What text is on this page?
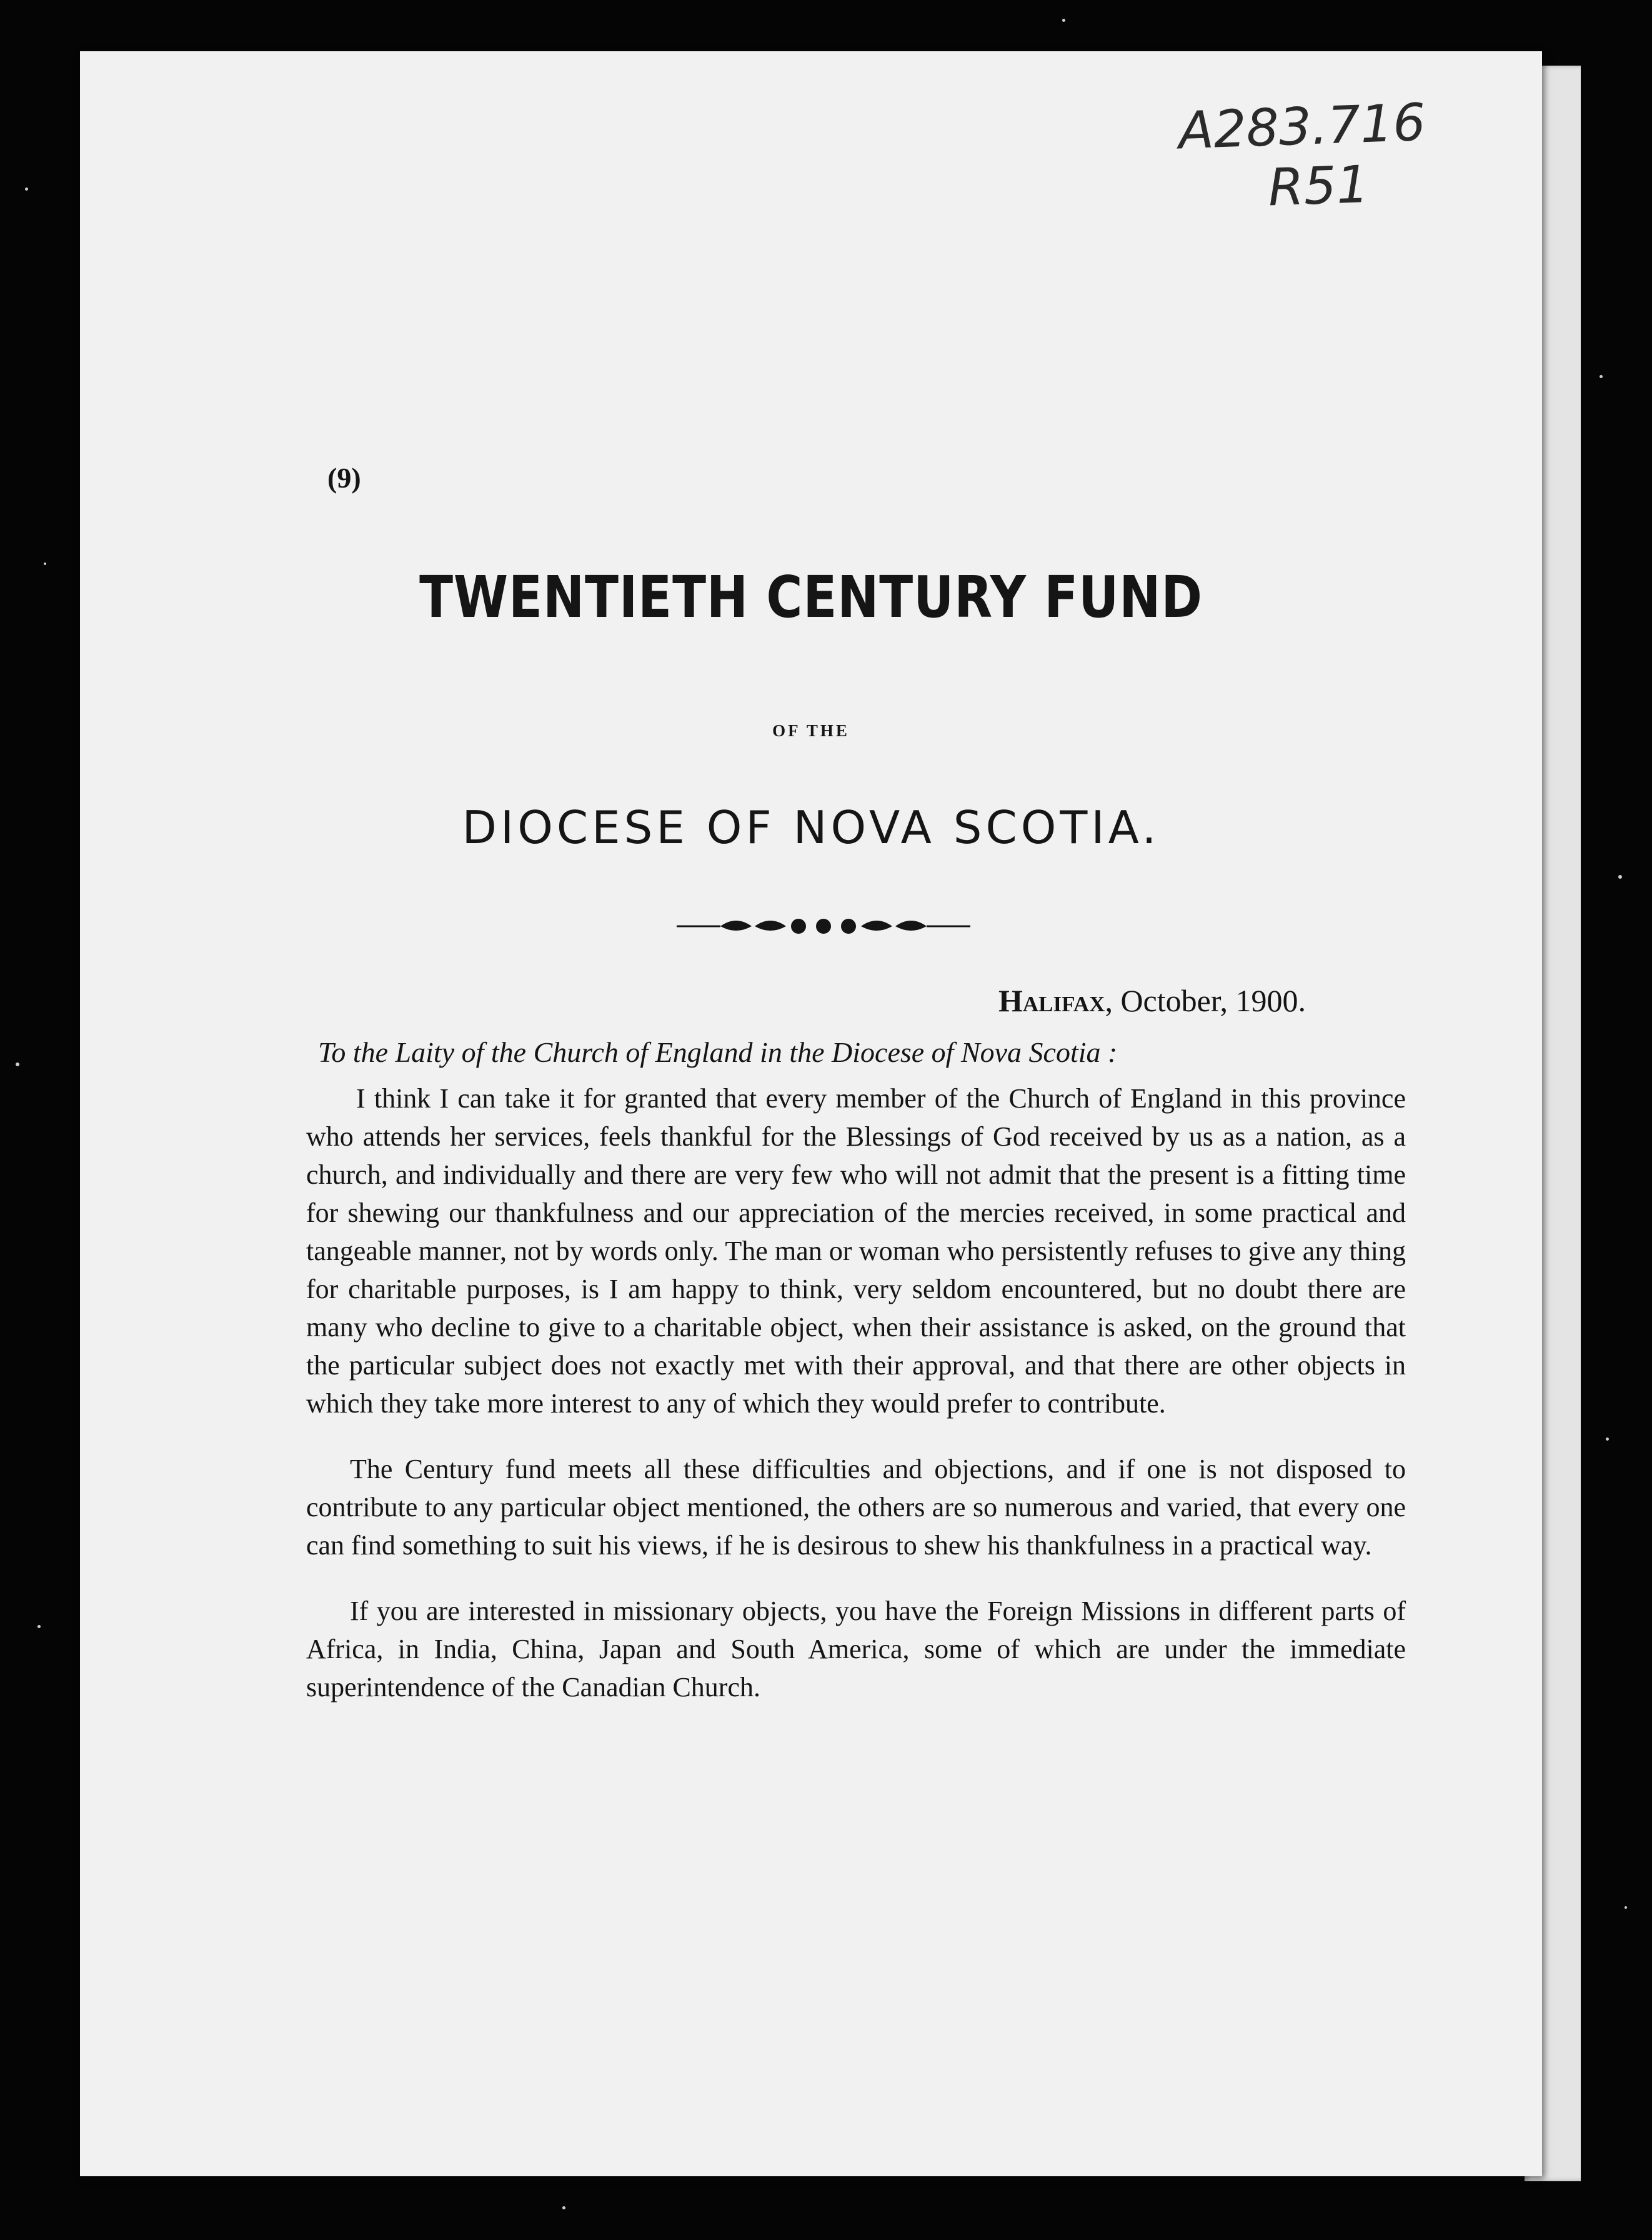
A283.716
R51
(9)
TWENTIETH CENTURY FUND
OF THE
DIOCESE OF NOVA SCOTIA.
Halifax, October, 1900.
To the Laity of the Church of England in the Diocese of Nova Scotia :

I think I can take it for granted that every member of the Church of England in this province who attends her services, feels thankful for the Blessings of God received by us as a nation, as a church, and individually and there are very few who will not admit that the present is a fitting time for shewing our thankfulness and our appreciation of the mercies received, in some practical and tangeable manner, not by words only. The man or woman who persistently refuses to give any thing for charitable purposes, is I am happy to think, very seldom encountered, but no doubt there are many who decline to give to a charitable object, when their assistance is asked, on the ground that the particular subject does not exactly met with their approval, and that there are other objects in which they take more interest to any of which they would prefer to contribute.

The Century fund meets all these difficulties and objections, and if one is not disposed to contribute to any particular object mentioned, the others are so numerous and varied, that every one can find something to suit his views, if he is desirous to shew his thankfulness in a practical way.

If you are interested in missionary objects, you have the Foreign Missions in different parts of Africa, in India, China, Japan and South America, some of which are under the immediate superintendence of the Canadian Church.
